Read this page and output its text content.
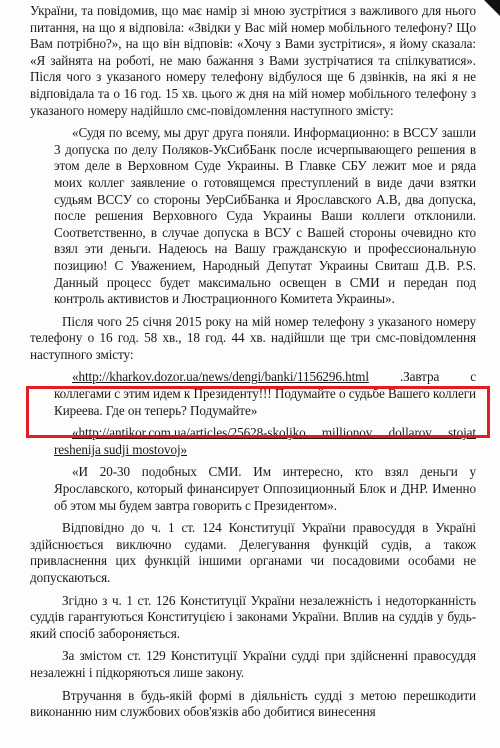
України, та повідомив, що має намір зі мною зустрітися з важливого для нього питання, на що я відповіла: «Звідки у Вас мій номер мобільного телефону? Що Вам потрібно?», на що він відповів: «Хочу з Вами зустрітися», я йому сказала: «Я зайнята на роботі, не маю бажання з Вами зустрічатися та спілкуватися». Після чого з указаного номеру телефону відбулося ще 6 дзвінків, на які я не відповідала та о 16 год. 15 хв. цього ж дня на мій номер мобільного телефону з указаного номеру надійшло смс-повідомлення наступного змісту:

«Судя по всему, мы друг друга поняли. Информационно: в ВССУ зашли 3 допуска по делу Поляков-УкСибБанк после исчерпывающего решения в этом деле в Верховном Суде Украины. В Главке СБУ лежит мое и ряда моих коллег заявление о готовящемся преступлений в виде дачи взятки судьям ВССУ со стороны УерСибБанка и Ярославского А.В, два допуска, после решения Верховного Суда Украины Ваши коллеги отклонили. Соответственно, в случае допуска в ВСУ с Вашей стороны очевидно кто взял эти деньги. Надеюсь на Вашу гражданскую и профессиональную позицию! С Уважением, Народный Депутат Украины Свиташ Д.В. P.S. Данный процесс будет максимально освещен в СМИ и передан под контроль активистов и Люстрационного Комитета Украины».

Після чого 25 січня 2015 року на мій номер телефону з указаного номеру телефону о 16 год. 58 хв., 18 год. 44 хв. надійшли ще три смс-повідомлення наступного змісту:

«http://kharkov.dozor.ua/news/dengi/banki/1156296.html .Завтра с коллегами с этим идем к Президенту!!! Подумайте о судьбе Вашего коллеги Киреева. Где он теперь? Подумайте»

«http://antikor.com.ua/articles/25628-skoljko millionov dollarov stojat reshenija sudji mostovoj»

«И 20-30 подобных СМИ. Им интересно, кто взял деньги у Ярославского, который финансирует Оппозиционный Блок и ДНР. Именно об этом мы будем завтра говорить с Президентом».

Відповідно до ч. 1 ст. 124 Конституції України правосуддя в Україні здійснюється виключно судами. Делегування функцій судів, а також привласнення цих функцій іншими органами чи посадовими особами не допускаються.

Згідно з ч. 1 ст. 126 Конституції України незалежність і недоторканність суддів гарантуються Конституцією і законами України. Вплив на суддів у будь-який спосіб забороняється.

За змістом ст. 129 Конституції України судді при здійсненні правосуддя незалежні і підкоряються лише закону.

Втручання в будь-якій формі в діяльність судді з метою перешкодити виконанню ним службових обов'язків або добитися винесення
